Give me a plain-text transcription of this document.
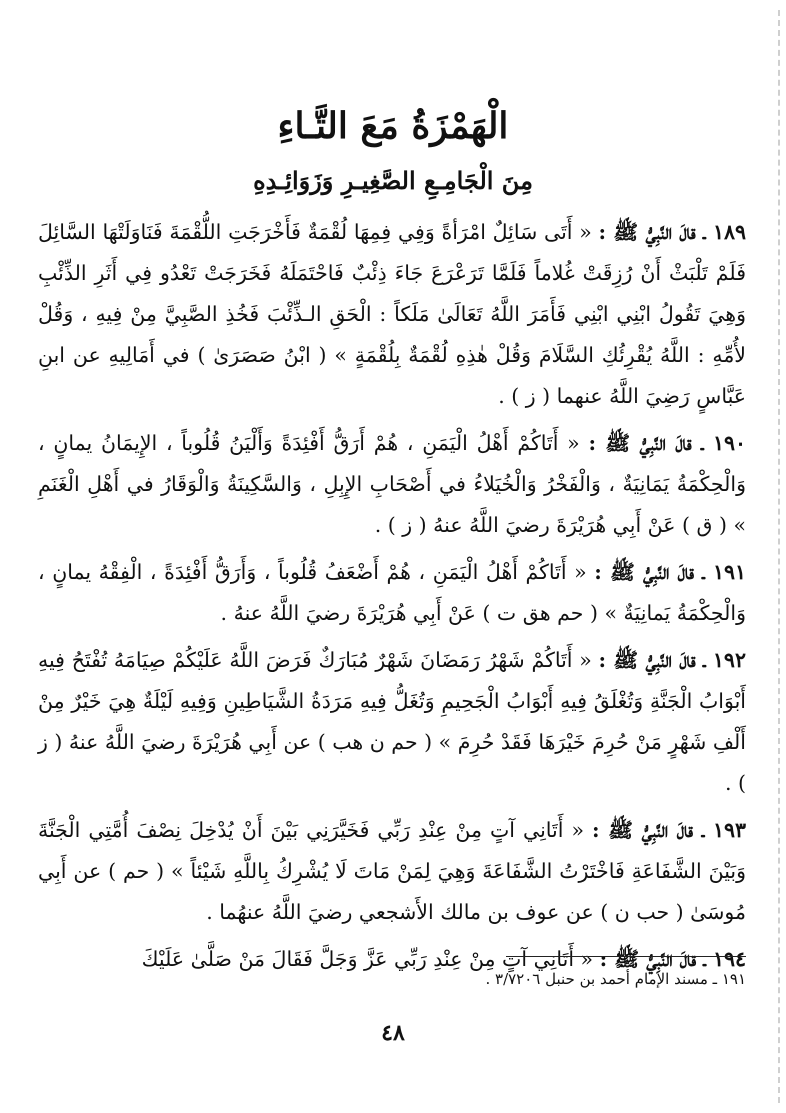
الْهَمْزَةُ مَعَ التَّـاءِ
مِنَ الْجَامِـعِ الصَّغِيـرِ وَزَوَائِـدِهِ

١٨٩ ـ قالَ النَّبِيُّ ﷺ : « أَتَى سَائِلٌ امْرَأةً وَفِي فِمِهَا لُقْمَةٌ فَأَخْرَجَتِ اللُّقْمَةَ فَنَاوَلَتْهَا السَّائِلَ فَلَمْ تَلْبَثْ أَنْ رُزِقَتْ غُلاماً فَلَمَّا تَرَعْرَعَ جَاءَ ذِئْبٌ فَاحْتَمَلَهُ فَخَرَجَتْ تَعْدُو فِي أَثَرِ الذِّئْبِ وَهِيَ تَقُولُ ابْنِي ابْنِي فَأَمَرَ اللَّهُ تَعَالَىٰ مَلَكاً : الْحَقِ الـذِّئْبَ فَخُذِ الصَّبِيَّ مِنْ فِيهِ ، وَقُلْ لأُمِّهِ : اللَّهُ يُقْرِئُكِ السَّلَامَ وَقُلْ هٰذِهِ لُقْمَةٌ بِلُقْمَةٍ » ( ابْنُ صَصَرَىٰ ) في أَمَالِيهِ عن ابنِ عَبَّاسٍ رَضِيَ اللَّهُ عنهما ( ز ) .

١٩٠ ـ قالَ النَّبِيُّ ﷺ : « أَتَاكُمْ أَهْلُ الْيَمَنِ ، هُمْ أَرَقُّ أَفْئِدَةً وَأَلْيَنُ قُلُوباً ، الإِيمَانُ يمانٍ ، وَالْحِكْمَةُ يَمَانِيَةٌ ، وَالْفَخْرُ وَالْخُيَلاءُ في أَصْحَابِ الإِبِلِ ، وَالسَّكِينَةُ وَالْوَقَارُ في أَهْلِ الْغَنَمِ » ( ق ) عَنْ أَبِي هُرَيْرَةَ رضيَ اللَّهُ عنهُ ( ز ) .

١٩١ ـ قالَ النَّبِيُّ ﷺ : « أَتَاكُمْ أَهْلُ الْيَمَنِ ، هُمْ أَضْعَفُ قُلُوباً ، وَأَرَقُّ أَفْئِدَةً ، الْفِقْهُ يمانٍ ، وَالْحِكْمَةُ يَمانِيَةٌ » ( حم هق ت ) عَنْ أَبِي هُرَيْرَةَ رضيَ اللَّهُ عنهُ .

١٩٢ ـ قالَ النَّبِيُّ ﷺ : « أَتَاكُمْ شَهْرُ رَمَضَانَ شَهْرٌ مُبَارَكٌ فَرَضَ اللَّهُ عَلَيْكُمْ صِيَامَهُ تُفْتَحُ فِيهِ أَبْوَابُ الْجَنَّةِ وَتُغْلَقُ فِيهِ أَبْوَابُ الْجَحِيمِ وَتُغَلُّ فِيهِ مَرَدَةُ الشَّيَاطِينِ وَفِيهِ لَيْلَةٌ هِيَ خَيْرٌ مِنْ أَلْفِ شَهْرٍ مَنْ حُرِمَ خَيْرَهَا فَقَدْ حُرِمَ » ( حم ن هب ) عن أَبِي هُرَيْرَةَ رضيَ اللَّهُ عنهُ ( ز ) .

١٩٣ ـ قالَ النَّبِيُّ ﷺ : « أَتَانِي آتٍ مِنْ عِنْدِ رَبِّي فَخَيَّرَنِي بَيْنَ أَنْ يُدْخِلَ نِصْفَ أُمَّتِي الْجَنَّةَ وَبَيْنَ الشَّفَاعَةِ فَاخْتَرْتُ الشَّفَاعَةَ وَهِيَ لِمَنْ مَاتَ لَا يُشْرِكُ بِاللَّهِ شَيْئاً » ( حم ) عن أَبِي مُوسَىٰ ( حب ن ) عن عوف بن مالك الأَشجعي رضيَ اللَّهُ عنهُما .

١٩٤ ـ قالَ النَّبِيُّ ﷺ : « أَتَانِي آتٍ مِنْ عِنْدِ رَبِّي عَزَّ وَجَلَّ فَقَالَ مَنْ صَلَّىٰ عَلَيْكَ

١٩١ ـ مسند الإمام أحمد بن حنبل ٣/٧٢٠٦ .
٤٨
